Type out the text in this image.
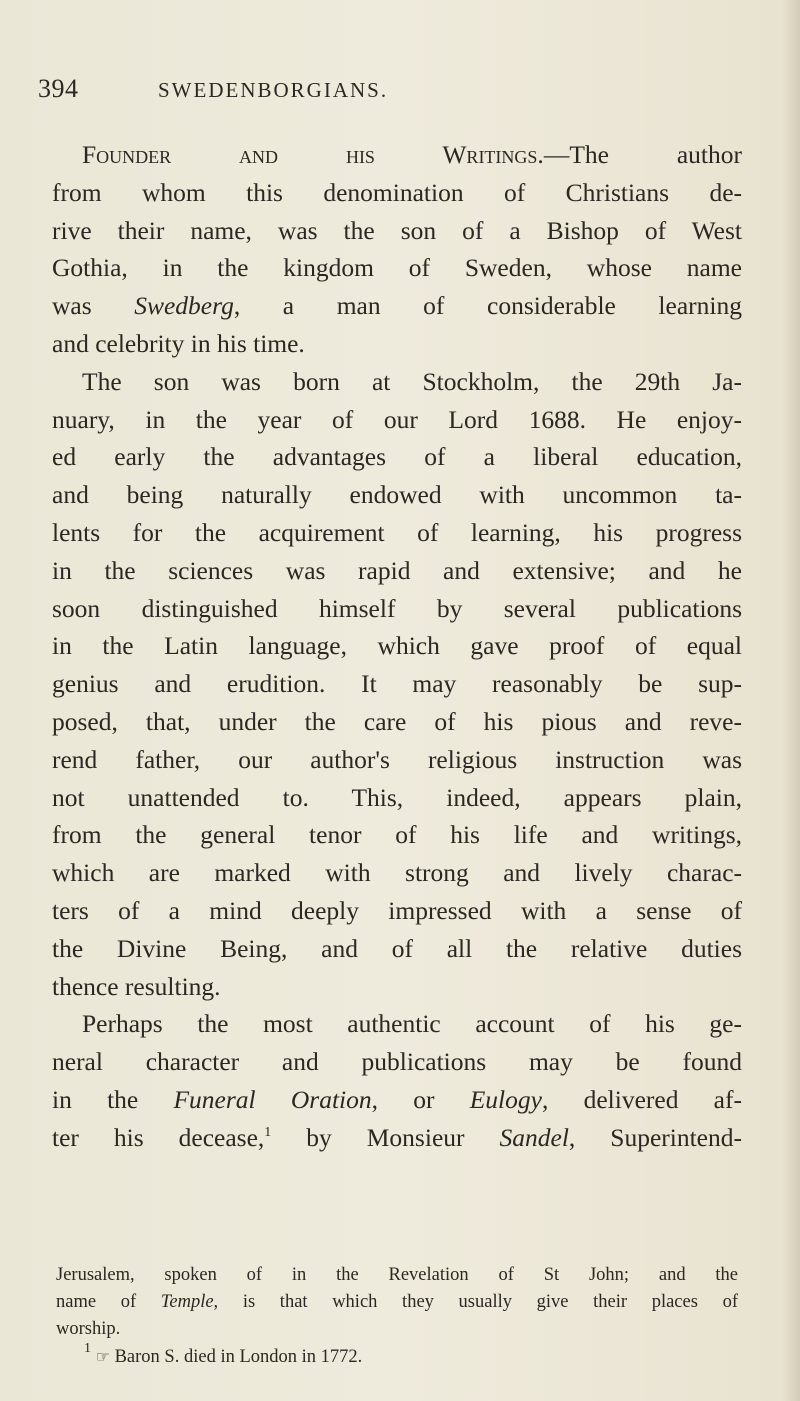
394	SWEDENBORGIANS.
Founder and his Writings.—The author
from whom this denomination of Christians de-
rive their name, was the son of a Bishop of West
Gothia, in the kingdom of Sweden, whose name
was Swedberg, a man of considerable learning
and celebrity in his time.
The son was born at Stockholm, the 29th Ja-
nuary, in the year of our Lord 1688. He enjoy-
ed early the advantages of a liberal education,
and being naturally endowed with uncommon ta-
lents for the acquirement of learning, his progress
in the sciences was rapid and extensive; and he
soon distinguished himself by several publications
in the Latin language, which gave proof of equal
genius and erudition. It may reasonably be sup-
posed, that, under the care of his pious and reve-
rend father, our author's religious instruction was
not unattended to. This, indeed, appears plain,
from the general tenor of his life and writings,
which are marked with strong and lively charac-
ters of a mind deeply impressed with a sense of
the Divine Being, and of all the relative duties
thence resulting.
Perhaps the most authentic account of his ge-
neral character and publications may be found
in the Funeral Oration, or Eulogy, delivered af-
ter his decease,$^1$ by Monsieur Sandel, Superintend-
Jerusalem, spoken of in the Revelation of St John; and the
name of Temple, is that which they usually give their places of
worship.
$^1$ ☞ Baron S. died in London in 1772.
